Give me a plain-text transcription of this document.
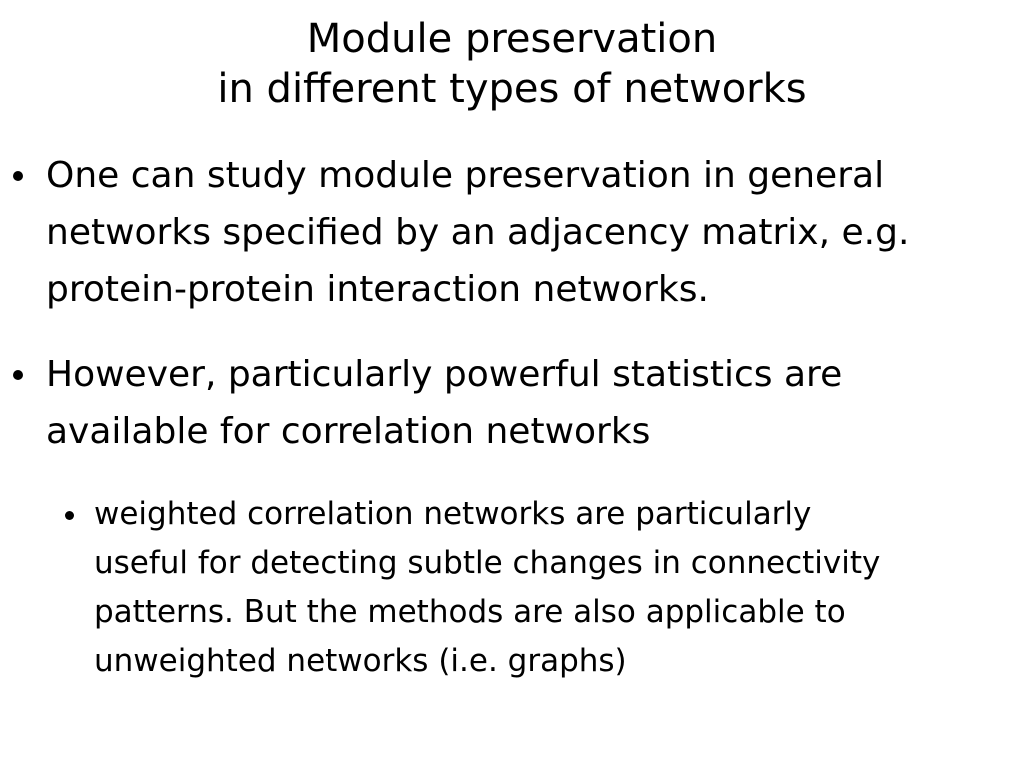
Module preservation
in different types of networks
One can study module preservation in general
networks specified by an adjacency matrix, e.g.
protein-protein interaction networks.
However, particularly powerful statistics are
available for correlation networks
weighted correlation networks are particularly
useful for detecting subtle changes in connectivity
patterns. But the methods are also applicable to
unweighted networks (i.e. graphs)
